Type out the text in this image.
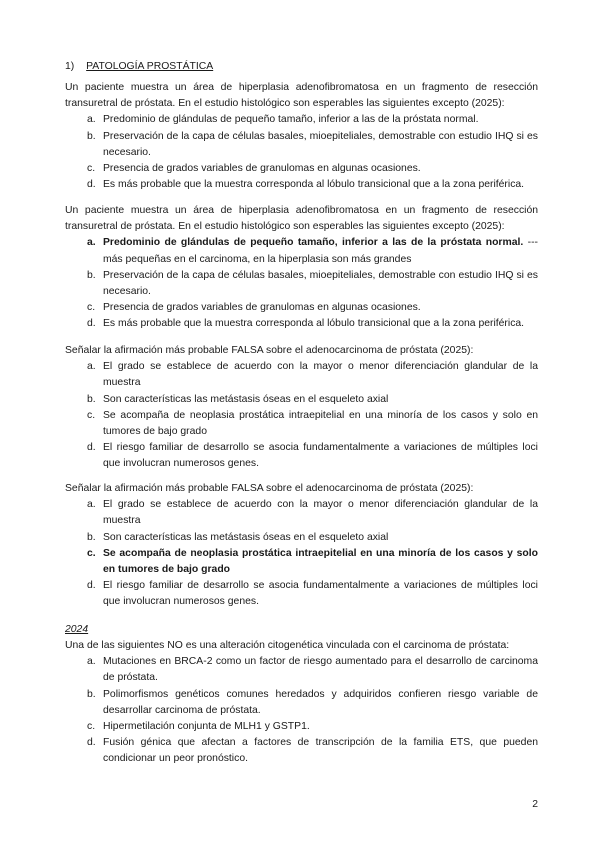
1) PATOLOGÍA PROSTÁTICA
Un paciente muestra un área de hiperplasia adenofibromatosa en un fragmento de resección transuretral de próstata. En el estudio histológico son esperables las siguientes excepto (2025):
a. Predominio de glándulas de pequeño tamaño, inferior a las de la próstata normal.
b. Preservación de la capa de células basales, mioepiteliales, demostrable con estudio IHQ si es necesario.
c. Presencia de grados variables de granulomas en algunas ocasiones.
d. Es más probable que la muestra corresponda al lóbulo transicional que a la zona periférica.
Un paciente muestra un área de hiperplasia adenofibromatosa en un fragmento de resección transuretral de próstata. En el estudio histológico son esperables las siguientes excepto (2025):
a. Predominio de glándulas de pequeño tamaño, inferior a las de la próstata normal. --- más pequeñas en el carcinoma, en la hiperplasia son más grandes
b. Preservación de la capa de células basales, mioepiteliales, demostrable con estudio IHQ si es necesario.
c. Presencia de grados variables de granulomas en algunas ocasiones.
d. Es más probable que la muestra corresponda al lóbulo transicional que a la zona periférica.
Señalar la afirmación más probable FALSA sobre el adenocarcinoma de próstata (2025):
a. El grado se establece de acuerdo con la mayor o menor diferenciación glandular de la muestra
b. Son características las metástasis óseas en el esqueleto axial
c. Se acompaña de neoplasia prostática intraepitelial en una minoría de los casos y solo en tumores de bajo grado
d. El riesgo familiar de desarrollo se asocia fundamentalmente a variaciones de múltiples loci que involucran numerosos genes.
Señalar la afirmación más probable FALSA sobre el adenocarcinoma de próstata (2025):
a. El grado se establece de acuerdo con la mayor o menor diferenciación glandular de la muestra
b. Son características las metástasis óseas en el esqueleto axial
c. Se acompaña de neoplasia prostática intraepitelial en una minoría de los casos y solo en tumores de bajo grado
d. El riesgo familiar de desarrollo se asocia fundamentalmente a variaciones de múltiples loci que involucran numerosos genes.
2024
Una de las siguientes NO es una alteración citogenética vinculada con el carcinoma de próstata:
a. Mutaciones en BRCA-2 como un factor de riesgo aumentado para el desarrollo de carcinoma de próstata.
b. Polimorfismos genéticos comunes heredados y adquiridos confieren riesgo variable de desarrollar carcinoma de próstata.
c. Hipermetilación conjunta de MLH1 y GSTP1.
d. Fusión génica que afectan a factores de transcripción de la familia ETS, que pueden condicionar un peor pronóstico.
2
